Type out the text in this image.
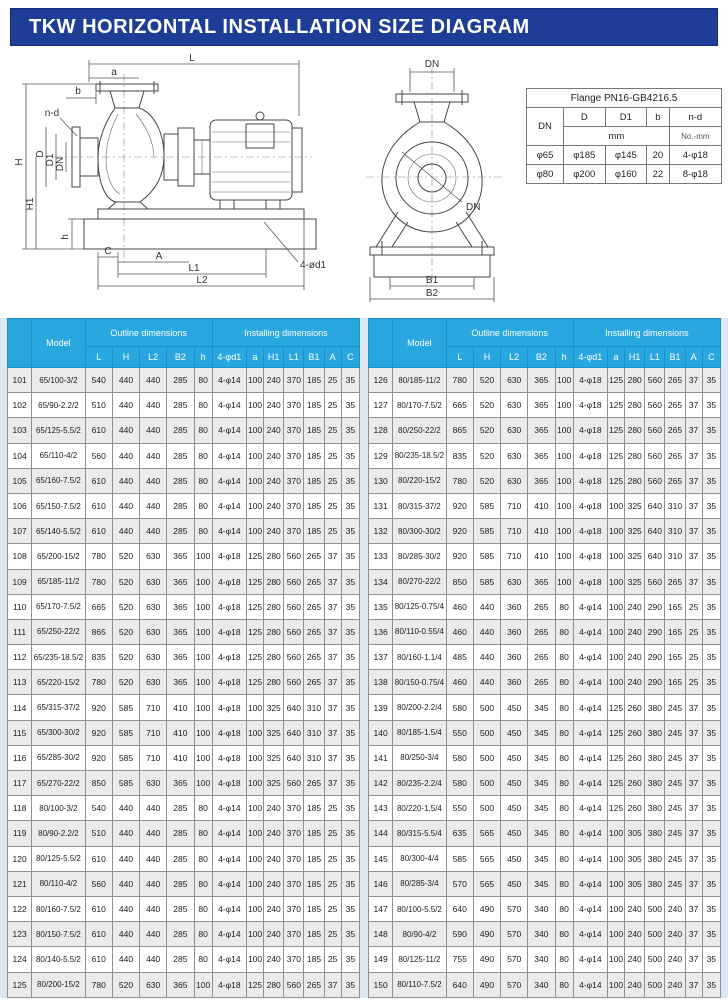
TKW HORIZONTAL INSTALLATION SIZE DIAGRAM
L
a
b
n-d
D D1 DN
H
H1
h
C	A
L1
L2
4-ød1
DN
DN
B1
B2
Flange PN16-GB4216.5				
DN	D	D1	b	n-d
	mm			No.-mm
φ65	φ185	φ145	20	4-φ18
φ80	φ200	φ160	22	8-φ18
	Model	Outline dimensions					Installing dimensions						
		L	H	L2	B2	h	4-φd1	a	H1	L1	B1	A	C
101	65/100-3/2	540	440	440	285	80	4-φ14	100	240	370	185	25	35
102	65/90-2.2/2	510	440	440	285	80	4-φ14	100	240	370	185	25	35
103	65/125-5.5/2	610	440	440	285	80	4-φ14	100	240	370	185	25	35
104	65/110-4/2	560	440	440	285	80	4-φ14	100	240	370	185	25	35
105	65/160-7.5/2	610	440	440	285	80	4-φ14	100	240	370	185	25	35
106	65/150-7.5/2	610	440	440	285	80	4-φ14	100	240	370	185	25	35
107	65/140-5.5/2	610	440	440	285	80	4-φ14	100	240	370	185	25	35
108	65/200-15/2	780	520	630	365	100	4-φ18	125	280	560	265	37	35
109	65/185-11/2	780	520	630	365	100	4-φ18	125	280	560	265	37	35
110	65/170-7.5/2	665	520	630	365	100	4-φ18	125	280	560	265	37	35
111	65/250-22/2	865	520	630	365	100	4-φ18	125	280	560	265	37	35
112	65/235-18.5/2	835	520	630	365	100	4-φ18	125	280	560	265	37	35
113	65/220-15/2	780	520	630	365	100	4-φ18	125	280	560	265	37	35
114	65/315-37/2	920	585	710	410	100	4-φ18	100	325	640	310	37	35
115	65/300-30/2	920	585	710	410	100	4-φ18	100	325	640	310	37	35
116	65/285-30/2	920	585	710	410	100	4-φ18	100	325	640	310	37	35
117	65/270-22/2	850	585	630	365	100	4-φ18	100	325	560	265	37	35
118	80/100-3/2	540	440	440	285	80	4-φ14	100	240	370	185	25	35
119	80/90-2.2/2	510	440	440	285	80	4-φ14	100	240	370	185	25	35
120	80/125-5.5/2	610	440	440	285	80	4-φ14	100	240	370	185	25	35
121	80/110-4/2	560	440	440	285	80	4-φ14	100	240	370	185	25	35
122	80/160-7.5/2	610	440	440	285	80	4-φ14	100	240	370	185	25	35
123	80/150-7.5/2	610	440	440	285	80	4-φ14	100	240	370	185	25	35
124	80/140-5.5/2	610	440	440	285	80	4-φ14	100	240	370	185	25	35
125	80/200-15/2	780	520	630	365	100	4-φ18	125	280	560	265	37	35
	Model	Outline dimensions					Installing dimensions						
		L	H	L2	B2	h	4-φd1	a	H1	L1	B1	A	C
126	80/185-11/2	780	520	630	365	100	4-φ18	125	280	560	265	37	35
127	80/170-7.5/2	665	520	630	365	100	4-φ18	125	280	560	265	37	35
128	80/250-22/2	865	520	630	365	100	4-φ18	125	280	560	265	37	35
129	80/235-18.5/2	835	520	630	365	100	4-φ18	125	280	560	265	37	35
130	80/220-15/2	780	520	630	365	100	4-φ18	125	280	560	265	37	35
131	80/315-37/2	920	585	710	410	100	4-φ18	100	325	640	310	37	35
132	80/300-30/2	920	585	710	410	100	4-φ18	100	325	640	310	37	35
133	80/285-30/2	920	585	710	410	100	4-φ18	100	325	640	310	37	35
134	80/270-22/2	850	585	630	365	100	4-φ18	100	325	560	265	37	35
135	80/125-0.75/4	460	440	360	265	80	4-φ14	100	240	290	165	25	35
136	80/110-0.55/4	460	440	360	265	80	4-φ14	100	240	290	165	25	35
137	80/160-1.1/4	485	440	360	265	80	4-φ14	100	240	290	165	25	35
138	80/150-0.75/4	460	440	360	265	80	4-φ14	100	240	290	165	25	35
139	80/200-2.2/4	580	500	450	345	80	4-φ14	125	260	380	245	37	35
140	80/185-1.5/4	550	500	450	345	80	4-φ14	125	260	380	245	37	35
141	80/250-3/4	580	500	450	345	80	4-φ14	125	260	380	245	37	35
142	80/235-2.2/4	580	500	450	345	80	4-φ14	125	260	380	245	37	35
143	80/220-1.5/4	550	500	450	345	80	4-φ14	125	260	380	245	37	35
144	80/315-5.5/4	635	565	450	345	80	4-φ14	100	305	380	245	37	35
145	80/300-4/4	585	565	450	345	80	4-φ14	100	305	380	245	37	35
146	80/285-3/4	570	565	450	345	80	4-φ14	100	305	380	245	37	35
147	80/100-5.5/2	640	490	570	340	80	4-φ14	100	240	500	240	37	35
148	80/90-4/2	590	490	570	340	80	4-φ14	100	240	500	240	37	35
149	80/125-11/2	755	490	570	340	80	4-φ14	100	240	500	240	37	35
150	80/110-7.5/2	640	490	570	340	80	4-φ14	100	240	500	240	37	35
